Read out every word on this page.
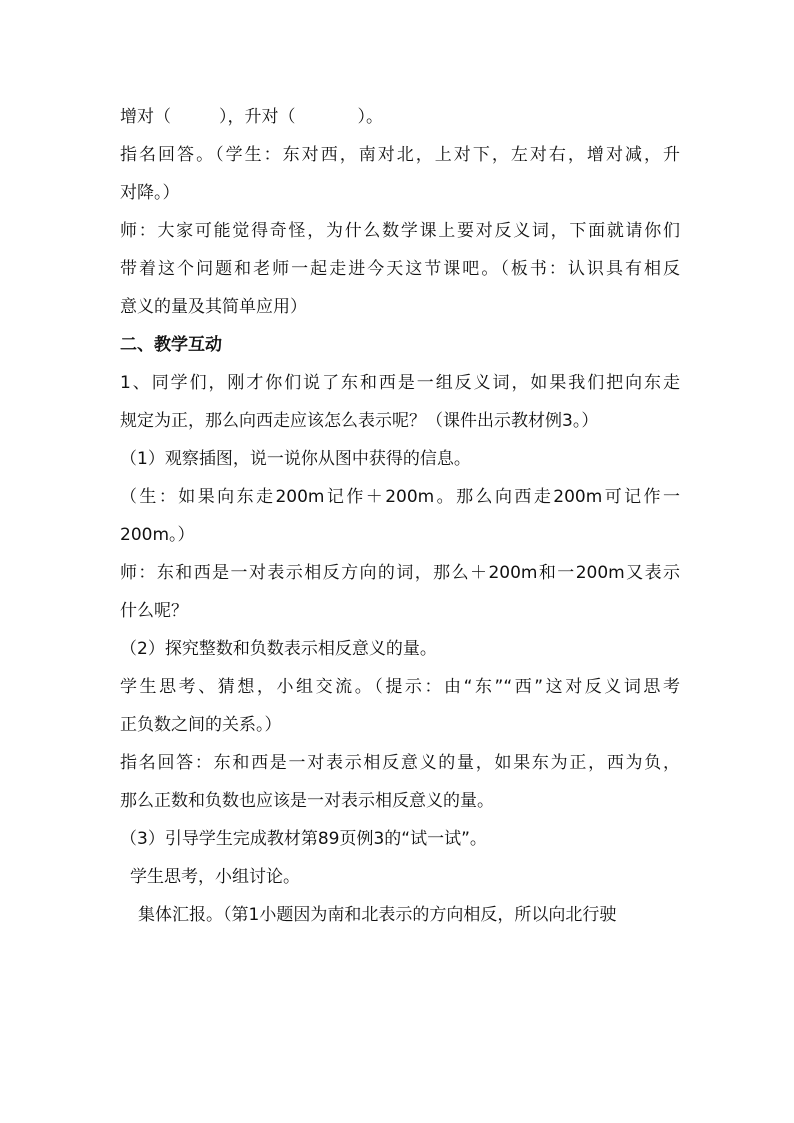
增对（	），升对（	）。
指名回答。（学生：东对西，南对北，上对下，左对右，增对减，升
对降。）
师：大家可能觉得奇怪，为什么数学课上要对反义词，下面就请你们
带着这个问题和老师一起走进今天这节课吧。（板书：认识具有相反
意义的量及其简单应用）
二、教学互动
1、同学们，刚才你们说了东和西是一组反义词，如果我们把向东走
规定为正，那么向西走应该怎么表示呢？（课件出示教材例3。）
（1）观察插图，说一说你从图中获得的信息。
（生：如果向东走200m记作＋200m。那么向西走200m可记作一
200m。）
师：东和西是一对表示相反方向的词，那么＋200m和一200m又表示
什么呢？
（2）探究整数和负数表示相反意义的量。
学生思考、猜想，小组交流。（提示：由“东”“西”这对反义词思考
正负数之间的关系。）
指名回答：东和西是一对表示相反意义的量，如果东为正，西为负，
那么正数和负数也应该是一对表示相反意义的量。
（3）引导学生完成教材第89页例3的“试一试”。
学生思考，小组讨论。
集体汇报。（第1小题因为南和北表示的方向相反，所以向北行驶
